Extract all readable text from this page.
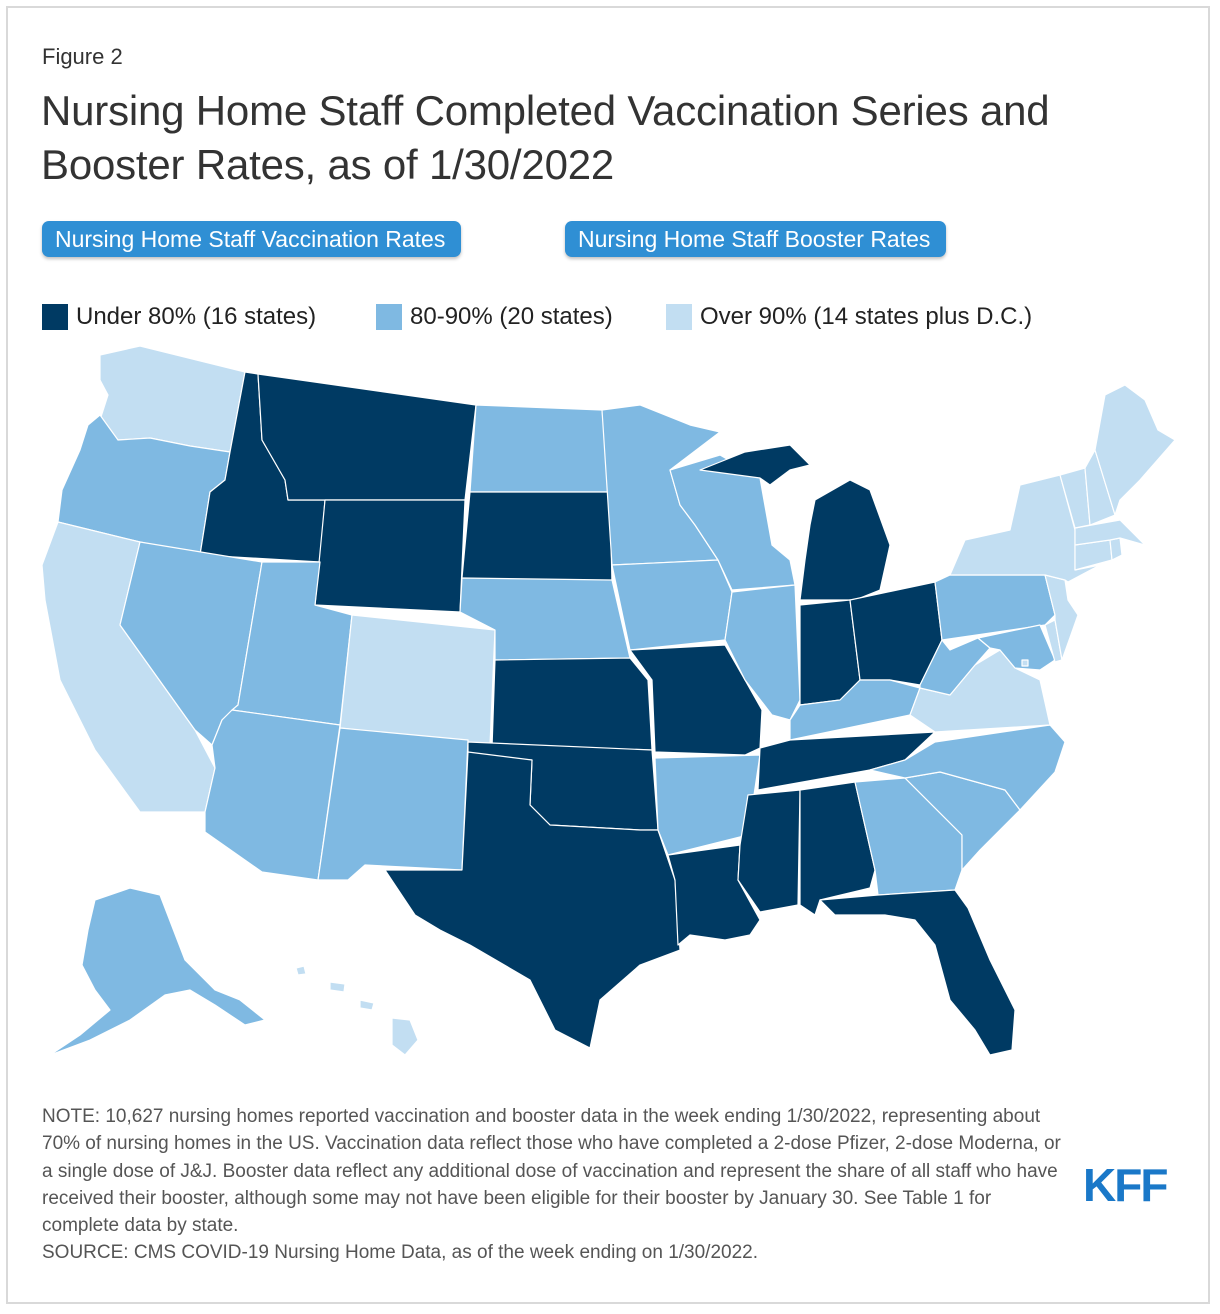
Figure 2
Nursing Home Staff Completed Vaccination Series and Booster Rates, as of 1/30/2022
Nursing Home Staff Vaccination Rates	Nursing Home Staff Booster Rates
Under 80% (16 states)	80-90% (20 states)	Over 90% (14 states plus D.C.)
NOTE: 10,627 nursing homes reported vaccination and booster data in the week ending 1/30/2022, representing about 70% of nursing homes in the US. Vaccination data reflect those who have completed a 2-dose Pfizer, 2-dose Moderna, or a single dose of J&J. Booster data reflect any additional dose of vaccination and represent the share of all staff who have received their booster, although some may not have been eligible for their booster by January 30. See Table 1 for complete data by state.
SOURCE: CMS COVID-19 Nursing Home Data, as of the week ending on 1/30/2022.
KFF
